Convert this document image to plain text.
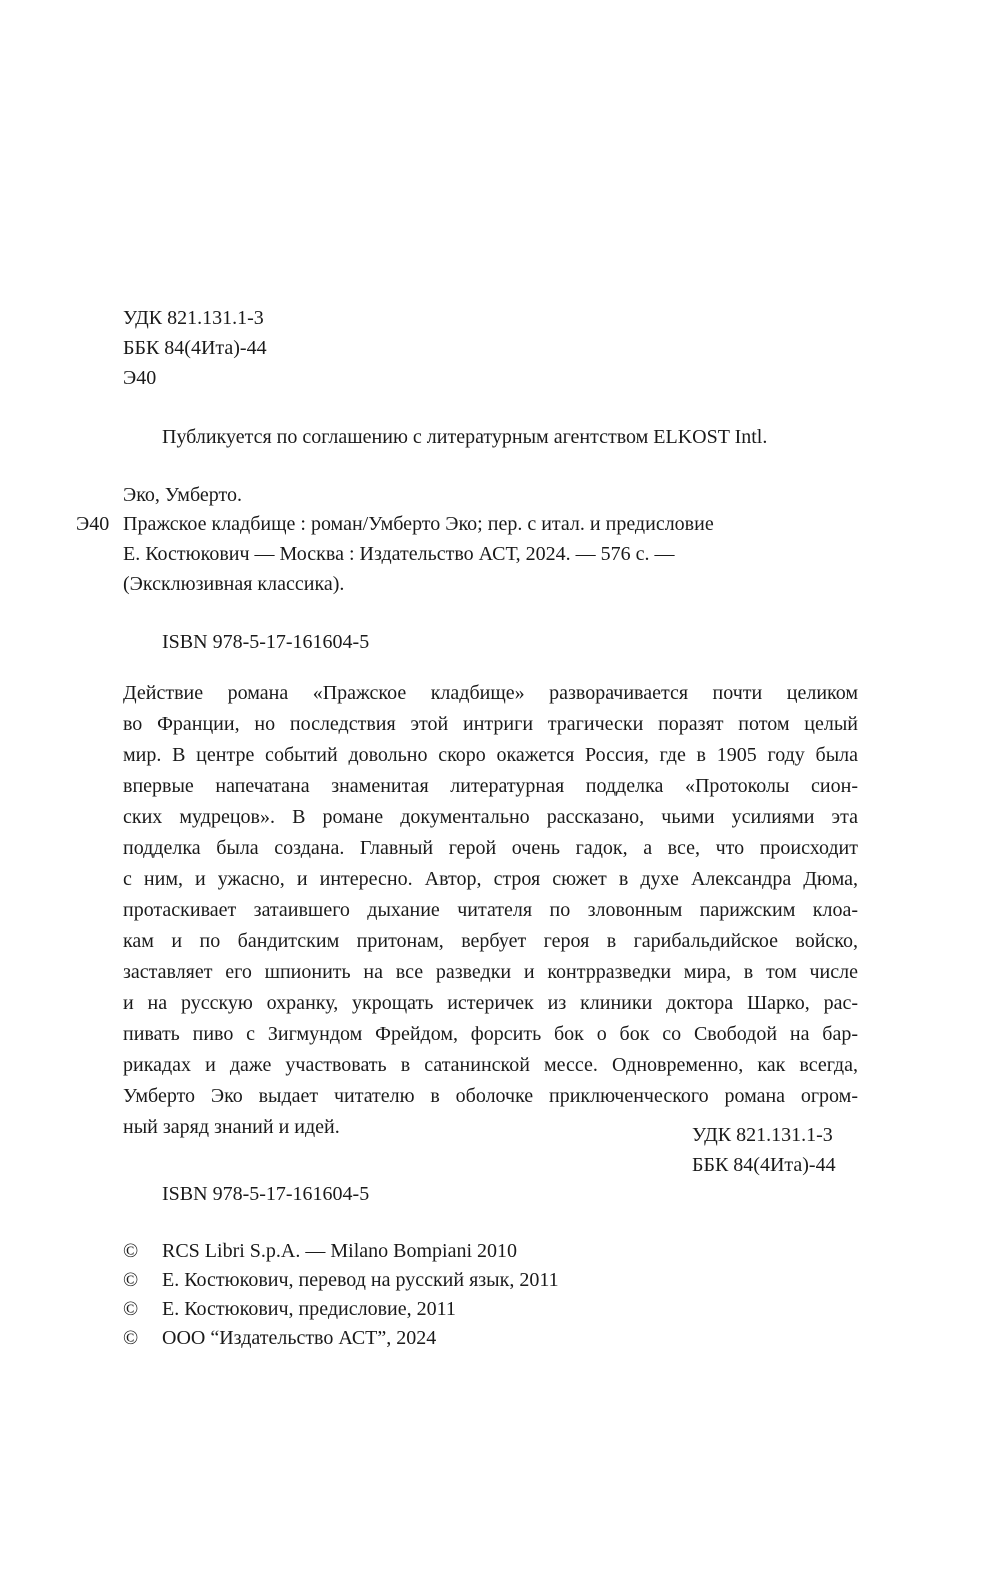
УДК 821.131.1-3
ББК 84(4Ита)-44
Э40
Публикуется по соглашению с литературным агентством ELKOST Intl.
Эко, Умберто.
Э40 Пражское кладбище : роман/Умберто Эко; пер. с итал. и предисловие
Е. Костюкович — Москва : Издательство АСТ, 2024. — 576 с. —
(Эксклюзивная классика).
ISBN 978-5-17-161604-5
Действие романа «Пражское кладбище» разворачивается почти целиком
во Франции, но последствия этой интриги трагически поразят потом целый
мир. В центре событий довольно скоро окажется Россия, где в 1905 году была
впервые напечатана знаменитая литературная подделка «Протоколы сион-
ских мудрецов». В романе документально рассказано, чьими усилиями эта
подделка была создана. Главный герой очень гадок, а все, что происходит
с ним, и ужасно, и интересно. Автор, строя сюжет в духе Александра Дюма,
протаскивает затаившего дыхание читателя по зловонным парижским клоа-
кам и по бандитским притонам, вербует героя в гарибальдийское войско,
заставляет его шпионить на все разведки и контрразведки мира, в том числе
и на русскую охранку, укрощать истеричек из клиники доктора Шарко, рас-
пивать пиво с Зигмундом Фрейдом, форсить бок о бок со Свободой на бар-
рикадах и даже участвовать в сатанинской мессе. Одновременно, как всегда,
Умберто Эко выдает читателю в оболочке приключенческого романа огром-
ный заряд знаний и идей.	УДК 821.131.1-3
ББК 84(4Ита)-44
ISBN 978-5-17-161604-5
© RCS Libri S.p.A. — Milano Bompiani 2010
© Е. Костюкович, перевод на русский язык, 2011
© Е. Костюкович, предисловие, 2011
© ООО “Издательство АСТ”, 2024
